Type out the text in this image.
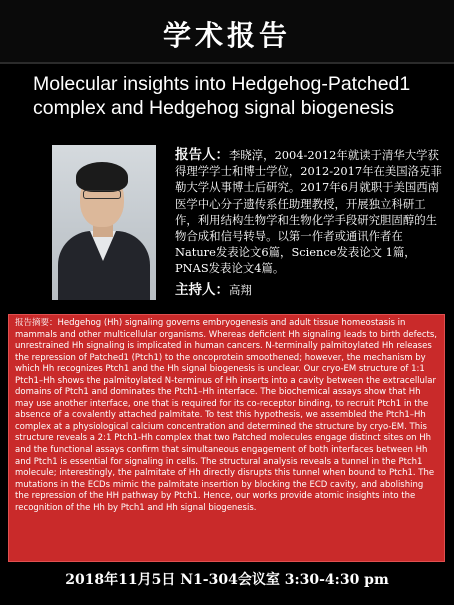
学术报告
Molecular insights into Hedgehog-Patched1 complex and Hedgehog signal biogenesis
报告人：李晓淳，2004-2012年就读于清华大学获得理学学士和博士学位，2012-2017年在美国洛克菲勒大学从事博士后研究。2017年6月就职于美国西南医学中心分子遗传系任助理教授，开展独立科研工作，利用结构生物学和生物化学手段研究胆固醇的生物合成和信号转导。以第一作者或通讯作者在Nature发表论文6篇，Science发表论文 1篇， PNAS发表论文4篇。
主持人：高翔
报告摘要：Hedgehog (Hh) signaling governs embryogenesis and adult tissue homeostasis in mammals and other multicellular organisms. Whereas deficient Hh signaling leads to birth defects, unrestrained Hh signaling is implicated in human cancers. N-terminally palmitoylated Hh releases the repression of Patched1 (Ptch1) to the oncoprotein smoothened; however, the mechanism by which Hh recognizes Ptch1 and the Hh signal biogenesis is unclear. Our cryo-EM structure of 1:1 Ptch1–Hh shows the palmitoylated N-terminus of Hh inserts into a cavity between the extracellular domains of Ptch1 and dominates the Ptch1–Hh interface. The biochemical assays show that Hh may use another interface, one that is required for its co-receptor binding, to recruit Ptch1 in the absence of a covalently attached palmitate. To test this hypothesis, we assembled the Ptch1–Hh complex at a physiological calcium concentration and determined the structure by cryo-EM. This structure reveals a 2:1 Ptch1-Hh complex that two Patched molecules engage distinct sites on Hh and the functional assays confirm that simultaneous engagement of both interfaces between Hh and Ptch1 is essential for signaling in cells. The structural analysis reveals a tunnel in the Ptch1 molecule; interestingly, the palmitate of Hh directly disrupts this tunnel when bound to Ptch1. The mutations in the ECDs mimic the palmitate insertion by blocking the ECD cavity, and abolishing the repression of the HH pathway by Ptch1. Hence, our works provide atomic insights into the recognition of the Hh by Ptch1 and Hh signal biogenesis.
2018年11月5日 N1-304会议室 3:30-4:30 pm
